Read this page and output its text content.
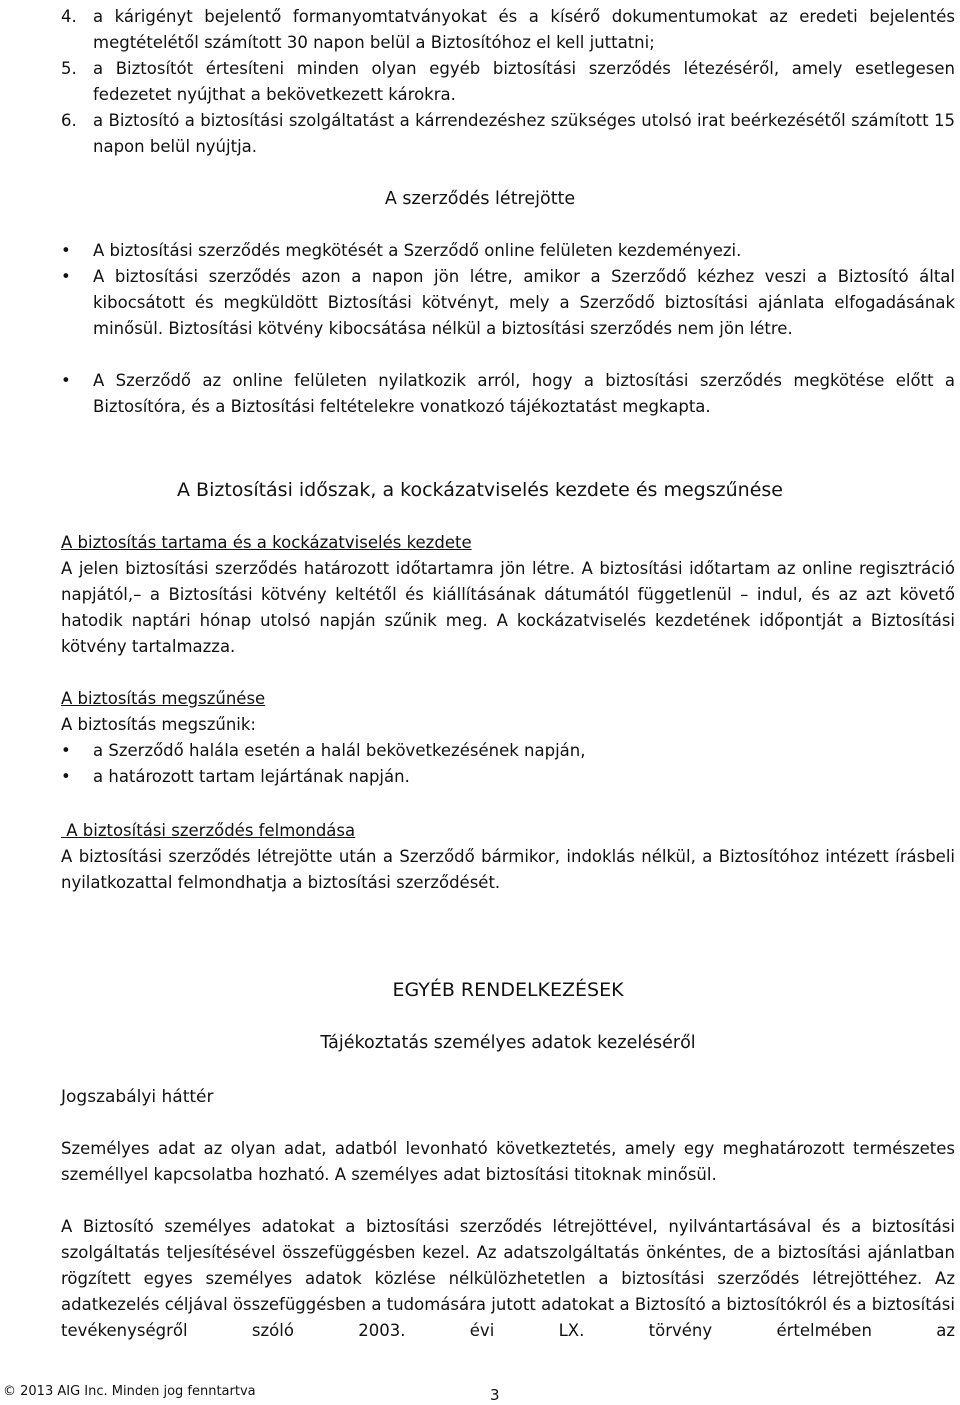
4. a kárigényt bejelentő formanyomtatványokat és a kísérő dokumentumokat az eredeti bejelentés megtételétől számított 30 napon belül a Biztosítóhoz el kell juttatni;
5. a Biztosítót értesíteni minden olyan egyéb biztosítási szerződés létezéséről, amely esetlegesen fedezetet nyújthat a bekövetkezett károkra.
6. a Biztosító a biztosítási szolgáltatást a kárrendezéshez szükséges utolsó irat beérkezésétől számított 15 napon belül nyújtja.
A szerződés létrejötte
•	A biztosítási szerződés megkötését a Szerződő online felületen kezdeményezi.
•	A biztosítási szerződés azon a napon jön létre, amikor a Szerződő kézhez veszi a Biztosító által kibocsátott és megküldött Biztosítási kötvényt, mely a Szerződő biztosítási ajánlata elfogadásának minősül. Biztosítási kötvény kibocsátása nélkül a biztosítási szerződés nem jön létre.
•	A Szerződő az online felületen nyilatkozik arról, hogy a biztosítási szerződés megkötése előtt a Biztosítóra, és a Biztosítási feltételekre vonatkozó tájékoztatást megkapta.
A Biztosítási időszak, a kockázatviselés kezdete és megszűnése
A biztosítás tartama és a kockázatviselés kezdete
A jelen biztosítási szerződés határozott időtartamra jön létre. A biztosítási időtartam az online regisztráció napjától,– a Biztosítási kötvény keltétől és kiállításának dátumától függetlenül – indul, és az azt követő hatodik naptári hónap utolsó napján szűnik meg. A kockázatviselés kezdetének időpontját a Biztosítási kötvény tartalmazza.
A biztosítás megszűnése
A biztosítás megszűnik:
•	a Szerződő halála esetén a halál bekövetkezésének napján,
•	a határozott tartam lejártának napján.
A biztosítási szerződés felmondása
A biztosítási szerződés létrejötte után a Szerződő bármikor, indoklás nélkül, a Biztosítóhoz intézett írásbeli nyilatkozattal felmondhatja a biztosítási szerződését.
EGYÉB RENDELKEZÉSEK
Tájékoztatás személyes adatok kezeléséről
Jogszabályi háttér
Személyes adat az olyan adat, adatból levonható következtetés, amely egy meghatározott természetes személlyel kapcsolatba hozható. A személyes adat biztosítási titoknak minősül.
A Biztosító személyes adatokat a biztosítási szerződés létrejöttével, nyilvántartásával és a biztosítási szolgáltatás teljesítésével összefüggésben kezel. Az adatszolgáltatás önkéntes, de a biztosítási ajánlatban rögzített egyes személyes adatok közlése nélkülözhetetlen a biztosítási szerződés létrejöttéhez. Az adatkezelés céljával összefüggésben a tudomására jutott adatokat a Biztosító a biztosítókról és a biztosítási tevékenységről szóló 2003. évi LX. törvény értelmében az
© 2013 AIG Inc. Minden jog fenntartva	3
